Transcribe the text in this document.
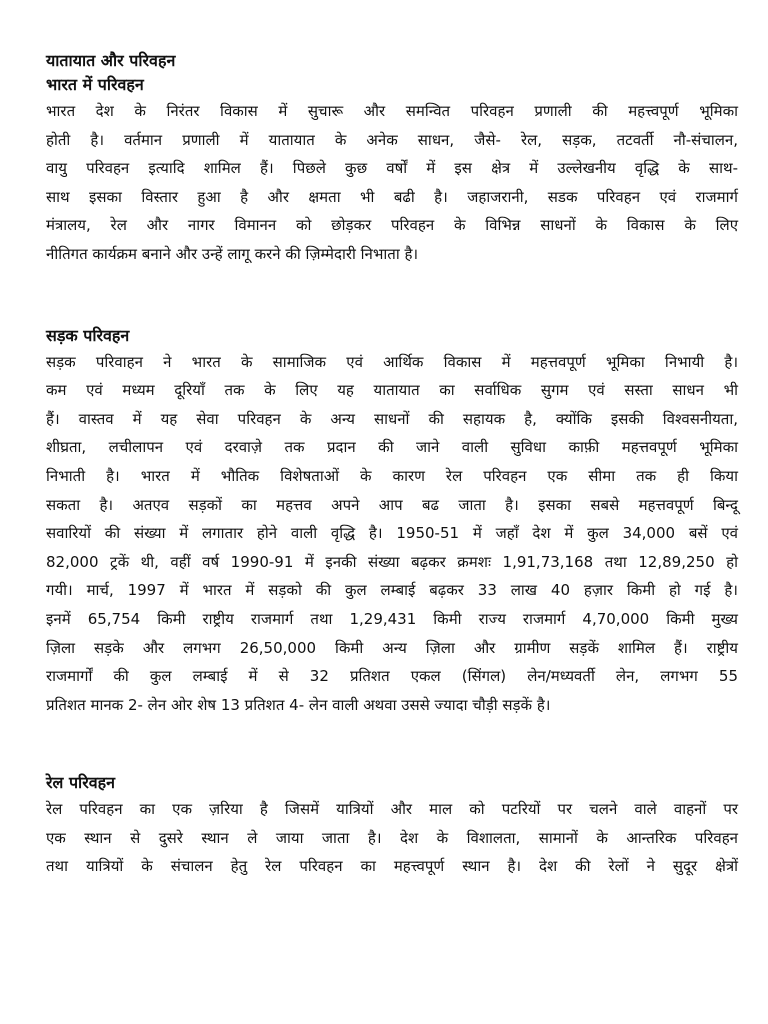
यातायात और परिवहन
भारत में परिवहन
भारत देश के निरंतर विकास में सुचारू और समन्वित परिवहन प्रणाली की महत्त्वपूर्ण भूमिका
होती है। वर्तमान प्रणाली में यातायात के अनेक साधन, जैसे- रेल, सड़क, तटवर्ती नौ-संचालन,
वायु परिवहन इत्यादि शामिल हैं। पिछले कुछ वर्षों में इस क्षेत्र में उल्लेखनीय वृद्धि के साथ-
साथ इसका विस्तार हुआ है और क्षमता भी बढी है। जहाजरानी, सडक परिवहन एवं राजमार्ग
मंत्रालय, रेल और नागर विमानन को छोड़कर परिवहन के विभिन्न साधनों के विकास के लिए
नीतिगत कार्यक्रम बनाने और उन्हें लागू करने की ज़िम्मेदारी निभाता है।
सड़क परिवहन
सड़क परिवाहन ने भारत के सामाजिक एवं आर्थिक विकास में महत्तवपूर्ण भूमिका निभायी है।
कम एवं मध्यम दूरियाँ तक के लिए यह यातायात का सर्वाधिक सुगम एवं सस्ता साधन भी
हैं। वास्तव में यह सेवा परिवहन के अन्य साधनों की सहायक है, क्योंकि इसकी विश्वसनीयता,
शीघ्रता, लचीलापन एवं दरवाज़े तक प्रदान की जाने वाली सुविधा काफ़ी महत्तवपूर्ण भूमिका
निभाती है। भारत में भौतिक विशेषताओं के कारण रेल परिवहन एक सीमा तक ही किया
सकता है। अतएव सड़कों का महत्तव अपने आप बढ जाता है। इसका सबसे महत्तवपूर्ण बिन्दू
सवारियों की संख्या में लगातार होने वाली वृद्धि है। 1950-51 में जहाँ देश में कुल 34,000 बसें एवं
82,000 ट्रकें थी, वहीं वर्ष 1990-91 में इनकी संख्या बढ़कर क्रमशः 1,91,73,168 तथा 12,89,250 हो
गयी। मार्च, 1997 में भारत में सड़को की कुल लम्बाई बढ़कर 33 लाख 40 हज़ार किमी हो गई है।
इनमें 65,754 किमी राष्ट्रीय राजमार्ग तथा 1,29,431 किमी राज्य राजमार्ग 4,70,000 किमी मुख्य
ज़िला सड़के और लगभग 26,50,000 किमी अन्य ज़िला और ग्रामीण सड़कें शामिल हैं। राष्ट्रीय
राजमार्गों की कुल लम्बाई में से 32 प्रतिशत एकल (सिंगल) लेन/मध्यवर्ती लेन, लगभग 55
प्रतिशत मानक 2- लेन ओर शेष 13 प्रतिशत 4- लेन वाली अथवा उससे ज्यादा चौड़ी सड़कें है।
रेल परिवहन
रेल परिवहन का एक ज़रिया है जिसमें यात्रियों और माल को पटरियों पर चलने वाले वाहनों पर
एक स्थान से दुसरे स्थान ले जाया जाता है। देश के विशालता, सामानों के आन्तरिक परिवहन
तथा यात्रियों के संचालन हेतु रेल परिवहन का महत्त्वपूर्ण स्थान है। देश की रेलों ने सुदूर क्षेत्रों
